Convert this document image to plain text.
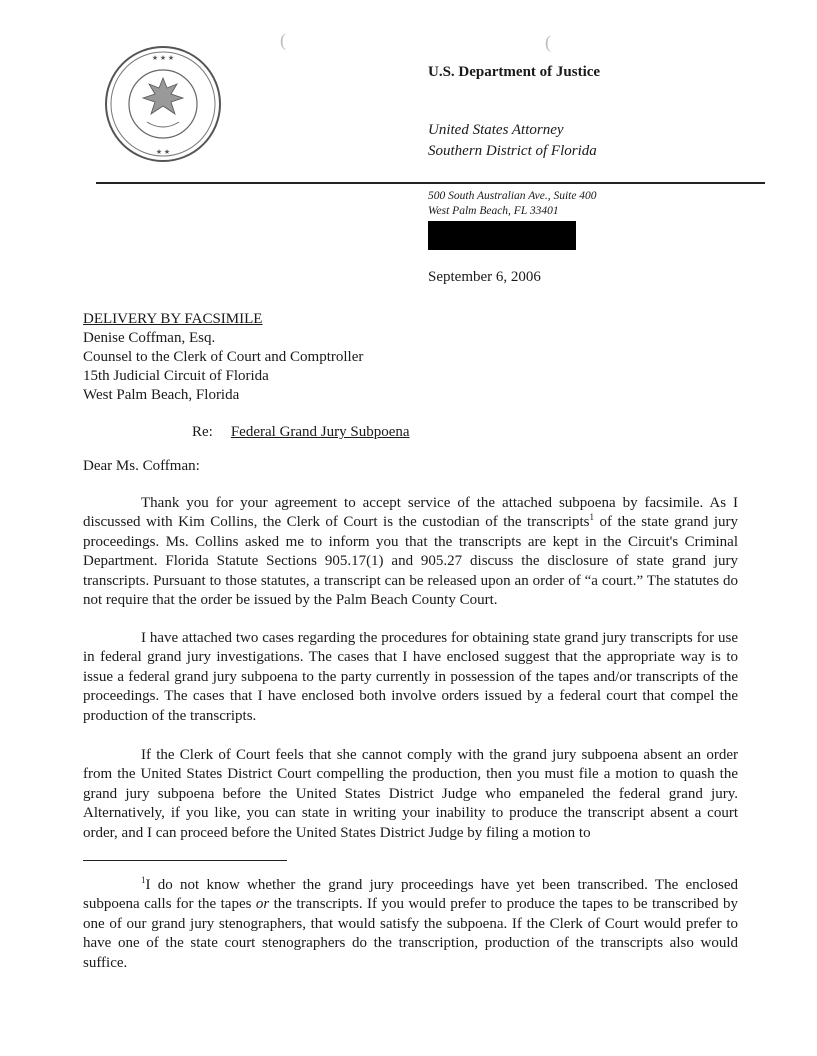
★ ★ ★
★ ★
(	(
U.S. Department of Justice
United States Attorney
Southern District of Florida
500 South Australian Ave., Suite 400
West Palm Beach, FL 33401
September 6, 2006
DELIVERY BY FACSIMILE
Denise Coffman, Esq.
Counsel to the Clerk of Court and Comptroller
15th Judicial Circuit of Florida
West Palm Beach, Florida
Re: Federal Grand Jury Subpoena
Dear Ms. Coffman:

Thank you for your agreement to accept service of the attached subpoena by facsimile. As I discussed with Kim Collins, the Clerk of Court is the custodian of the transcripts$^1$ of the state grand jury proceedings. Ms. Collins asked me to inform you that the transcripts are kept in the Circuit's Criminal Department. Florida Statute Sections 905.17(1) and 905.27 discuss the disclosure of state grand jury transcripts. Pursuant to those statutes, a transcript can be released upon an order of “a court.” The statutes do not require that the order be issued by the Palm Beach County Court.

I have attached two cases regarding the procedures for obtaining state grand jury transcripts for use in federal grand jury investigations. The cases that I have enclosed suggest that the appropriate way is to issue a federal grand jury subpoena to the party currently in possession of the tapes and/or transcripts of the proceedings. The cases that I have enclosed both involve orders issued by a federal court that compel the production of the transcripts.

If the Clerk of Court feels that she cannot comply with the grand jury subpoena absent an order from the United States District Court compelling the production, then you must file a motion to quash the grand jury subpoena before the United States District Judge who empaneled the federal grand jury. Alternatively, if you like, you can state in writing your inability to produce the transcript absent a court order, and I can proceed before the United States District Judge by filing a motion to

$^1$I do not know whether the grand jury proceedings have yet been transcribed. The enclosed subpoena calls for the tapes or the transcripts. If you would prefer to produce the tapes to be transcribed by one of our grand jury stenographers, that would satisfy the subpoena. If the Clerk of Court would prefer to have one of the state court stenographers do the transcription, production of the transcripts also would suffice.
